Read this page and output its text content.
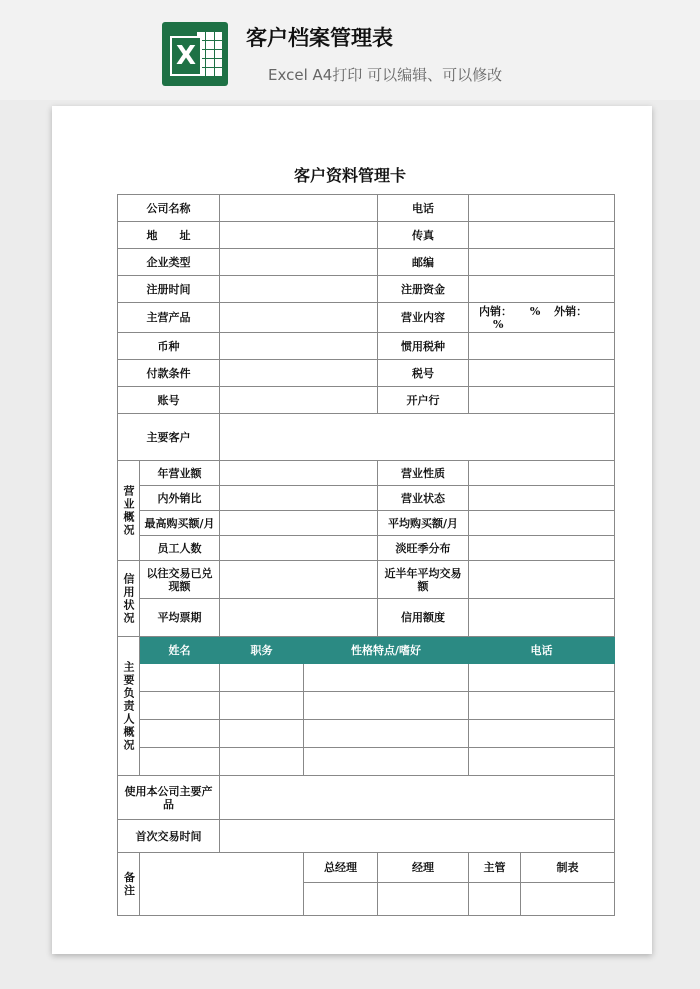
X
客户档案管理表
Excel A4打印 可以编辑、可以修改
客户资料管理卡
公司名称				电话		
地　　址				传真		
企业类型				邮编		
注册时间				注册资金		
主营产品				营业内容	内销： % 外销： %	
币种				惯用税种		
付款条件				税号		
账号				开户行		
主要客户						
营业概况	年营业额			营业性质		
	内外销比			营业状态		
	最高购买额/月			平均购买额/月		
	员工人数			淡旺季分布		
信用状况	以往交易已兑现额			近半年平均交易额		
	平均票期			信用额度		
主要负责人概况	姓名	职务	性格特点/嗜好		电话	

使用本公司主要产品						
首次交易时间						
备注			总经理	经理	主管	制表
